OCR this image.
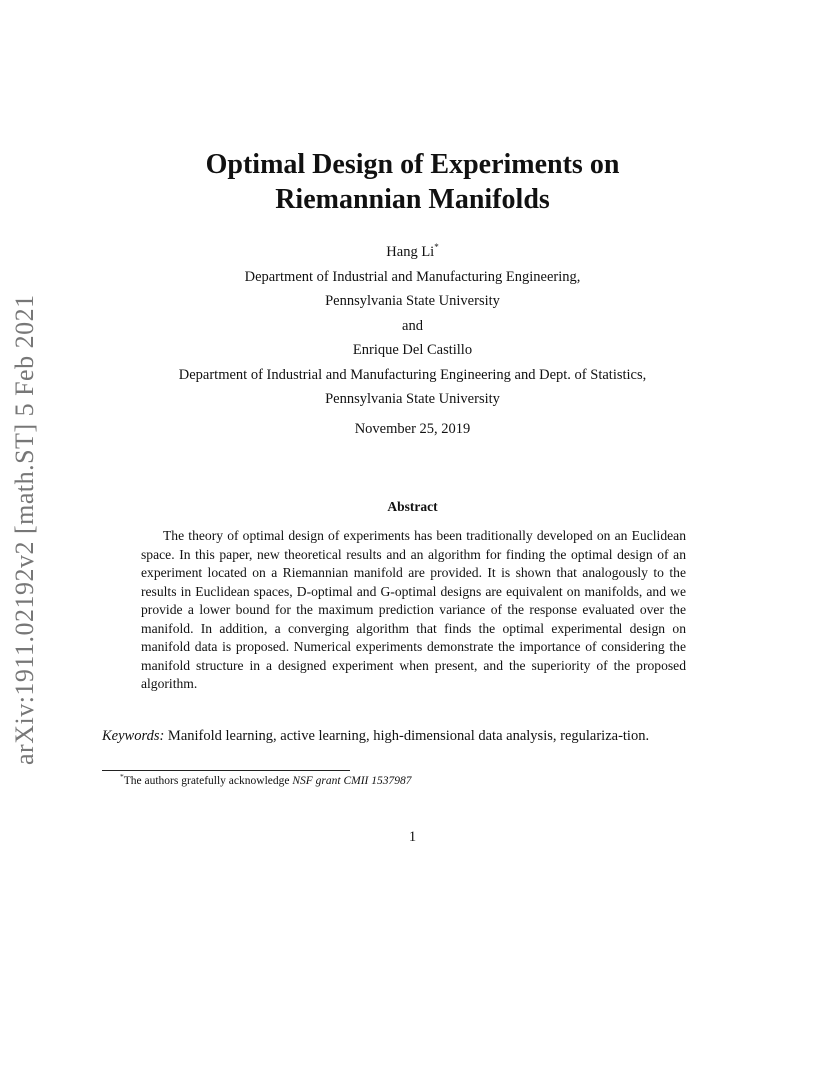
arXiv:1911.02192v2 [math.ST] 5 Feb 2021
Optimal Design of Experiments on
Riemannian Manifolds
Hang Li*
Department of Industrial and Manufacturing Engineering,
Pennsylvania State University
and
Enrique Del Castillo
Department of Industrial and Manufacturing Engineering and Dept. of Statistics,
Pennsylvania State University
November 25, 2019
Abstract

The theory of optimal design of experiments has been traditionally developed on an Euclidean space. In this paper, new theoretical results and an algorithm for finding the optimal design of an experiment located on a Riemannian manifold are provided. It is shown that analogously to the results in Euclidean spaces, D-optimal and G-optimal designs are equivalent on manifolds, and we provide a lower bound for the maximum prediction variance of the response evaluated over the manifold. In addition, a converging algorithm that finds the optimal experimental design on manifold data is proposed. Numerical experiments demonstrate the importance of considering the manifold structure in a designed experiment when present, and the superiority of the proposed algorithm.

Keywords: Manifold learning, active learning, high-dimensional data analysis, regulariza-tion.

*The authors gratefully acknowledge NSF grant CMII 1537987
1
